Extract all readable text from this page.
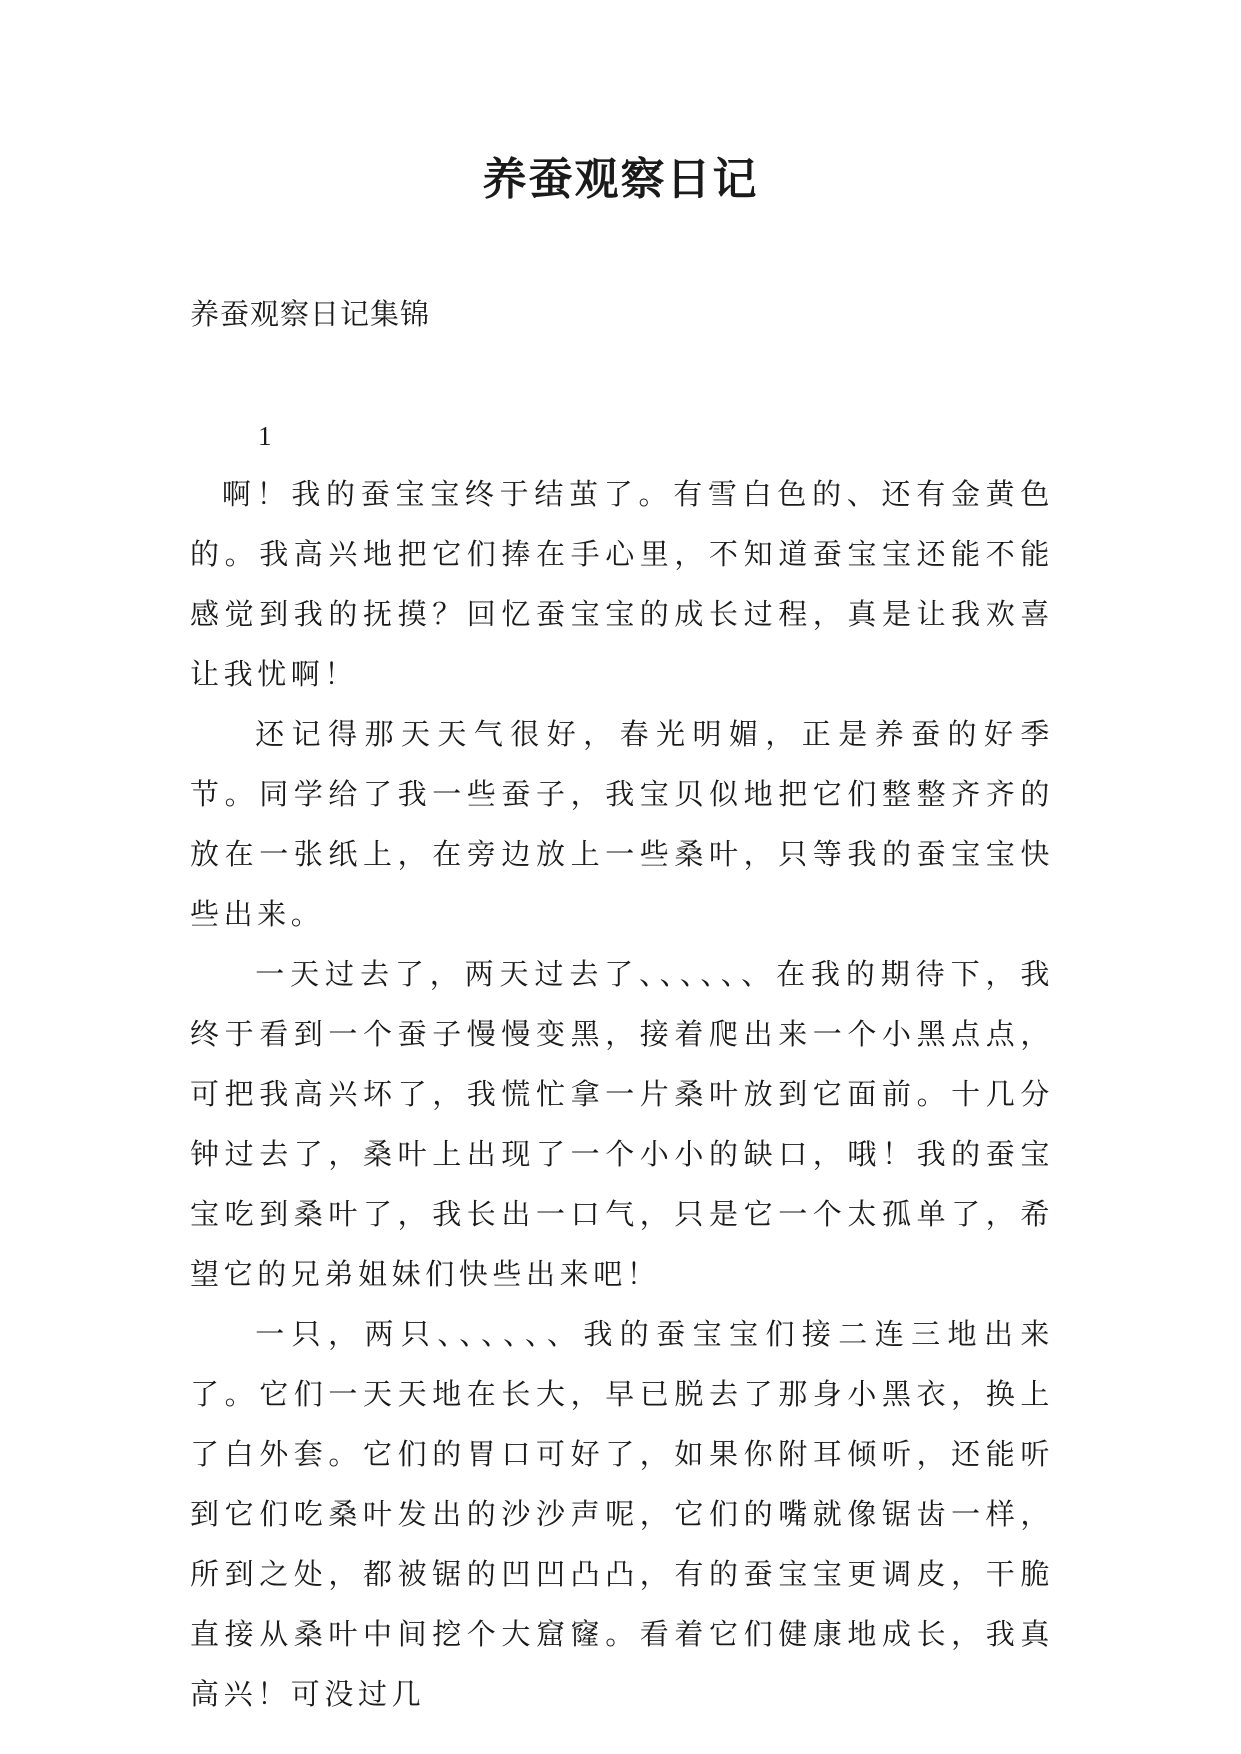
养蚕观察日记

养蚕观察日记集锦

1

啊！我的蚕宝宝终于结茧了。有雪白色的、还有金黄色的。我高兴地把它们捧在手心里，不知道蚕宝宝还能不能感觉到我的抚摸？回忆蚕宝宝的成长过程，真是让我欢喜让我忧啊！

还记得那天天气很好，春光明媚，正是养蚕的好季节。同学给了我一些蚕子，我宝贝似地把它们整整齐齐的放在一张纸上，在旁边放上一些桑叶，只等我的蚕宝宝快些出来。

一天过去了，两天过去了、、、、、、在我的期待下，我终于看到一个蚕子慢慢变黑，接着爬出来一个小黑点点，可把我高兴坏了，我慌忙拿一片桑叶放到它面前。十几分钟过去了，桑叶上出现了一个小小的缺口，哦！我的蚕宝宝吃到桑叶了，我长出一口气，只是它一个太孤单了，希望它的兄弟姐妹们快些出来吧！

一只，两只、、、、、、我的蚕宝宝们接二连三地出来了。它们一天天地在长大，早已脱去了那身小黑衣，换上了白外套。它们的胃口可好了，如果你附耳倾听，还能听到它们吃桑叶发出的沙沙声呢，它们的嘴就像锯齿一样，所到之处，都被锯的凹凹凸凸，有的蚕宝宝更调皮，干脆直接从桑叶中间挖个大窟窿。看着它们健康地成长，我真高兴！可没过几
